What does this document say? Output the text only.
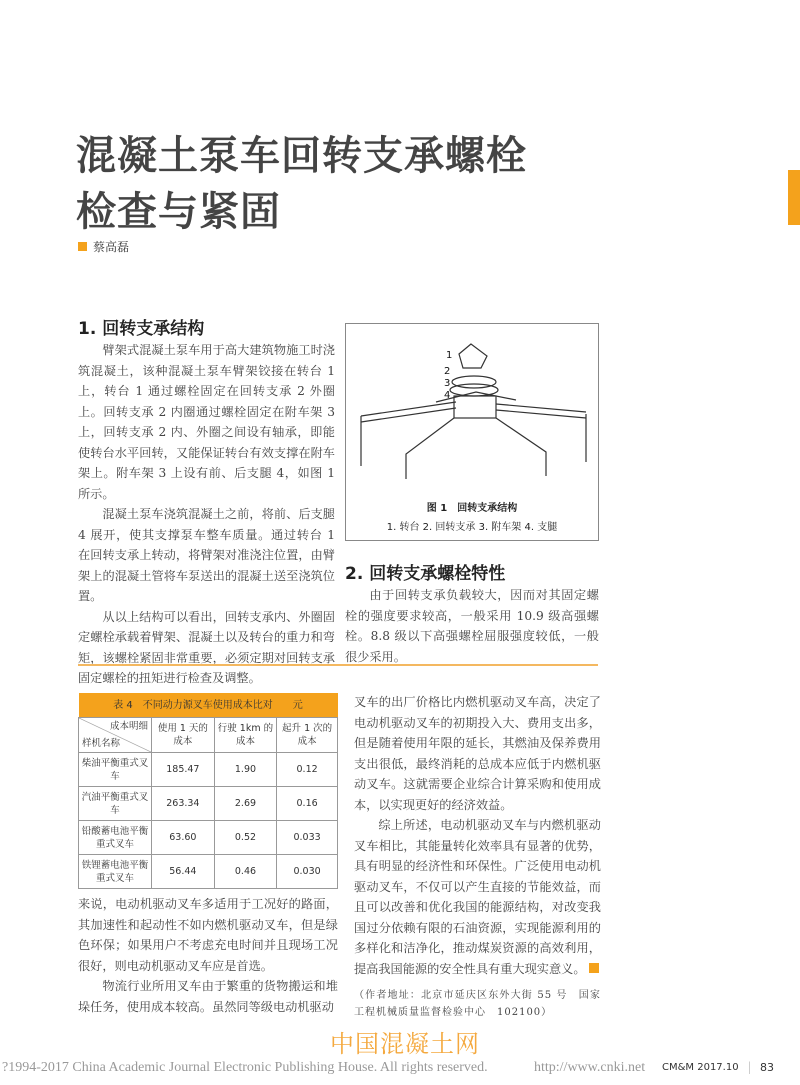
混凝土泵车回转支承螺栓
检查与紧固
蔡高磊
1. 回转支承结构

臂架式混凝土泵车用于高大建筑物施工时浇筑混凝土，该种混凝土泵车臂架铰接在转台 1 上，转台 1 通过螺栓固定在回转支承 2 外圈上。回转支承 2 内圈通过螺栓固定在附车架 3 上，回转支承 2 内、外圈之间设有轴承，即能使转台水平回转，又能保证转台有效支撑在附车架上。附车架 3 上设有前、后支腿 4，如图 1 所示。

混凝土泵车浇筑混凝土之前，将前、后支腿 4 展开，使其支撑泵车整车质量。通过转台 1 在回转支承上转动，将臂架对准浇注位置，由臂架上的混凝土管将车泵送出的混凝土送至浇筑位置。

从以上结构可以看出，回转支承内、外圈固定螺栓承载着臂架、混凝土以及转台的重力和弯矩，该螺栓紧固非常重要，必须定期对回转支承固定螺栓的扭矩进行检查及调整。

1
2
3
4
图 1　回转支承结构
1. 转台 2. 回转支承 3. 附车架 4. 支腿
2. 回转支承螺栓特性

由于回转支承负载较大，因而对其固定螺栓的强度要求较高，一般采用 10.9 级高强螺栓。8.8 级以下高强螺栓屈服强度较低，一般很少采用。

表 4　不同动力源叉车使用成本比对　　元			

成本明细
样机名称	使用 1 天的成本	行驶 1km 的成本	起升 1 次的成本
柴油平衡重式叉车	185.47	1.90	0.12
汽油平衡重式叉车	263.34	2.69	0.16
铅酸蓄电池平衡重式叉车	63.60	0.52	0.033
铁锂蓄电池平衡重式叉车	56.44	0.46	0.030

来说，电动机驱动叉车多适用于工况好的路面，其加速性和起动性不如内燃机驱动叉车，但是绿色环保；如果用户不考虑充电时间并且现场工况很好，则电动机驱动叉车应是首选。

物流行业所用叉车由于繁重的货物搬运和堆垛任务，使用成本较高。虽然同等级电动机驱动

叉车的出厂价格比内燃机驱动叉车高，决定了电动机驱动叉车的初期投入大、费用支出多，但是随着使用年限的延长，其燃油及保养费用支出很低，最终消耗的总成本应低于内燃机驱动叉车。这就需要企业综合计算采购和使用成本，以实现更好的经济效益。

综上所述，电动机驱动叉车与内燃机驱动叉车相比，其能量转化效率具有显著的优势，具有明显的经济性和环保性。广泛使用电动机驱动叉车，不仅可以产生直接的节能效益，而且可以改善和优化我国的能源结构，对改变我国过分依赖有限的石油资源，实现能源利用的多样化和洁净化，推动煤炭资源的高效利用，提高我国能源的安全性具有重大现实意义。

（作者地址：北京市延庆区东外大街 55 号　国家工程机械质量监督检验中心　102100）

中国混凝土网
?1994-2017 China Academic Journal Electronic Publishing House. All rights reserved.	http://www.cnki.net CM&M 2017.10 | 83
